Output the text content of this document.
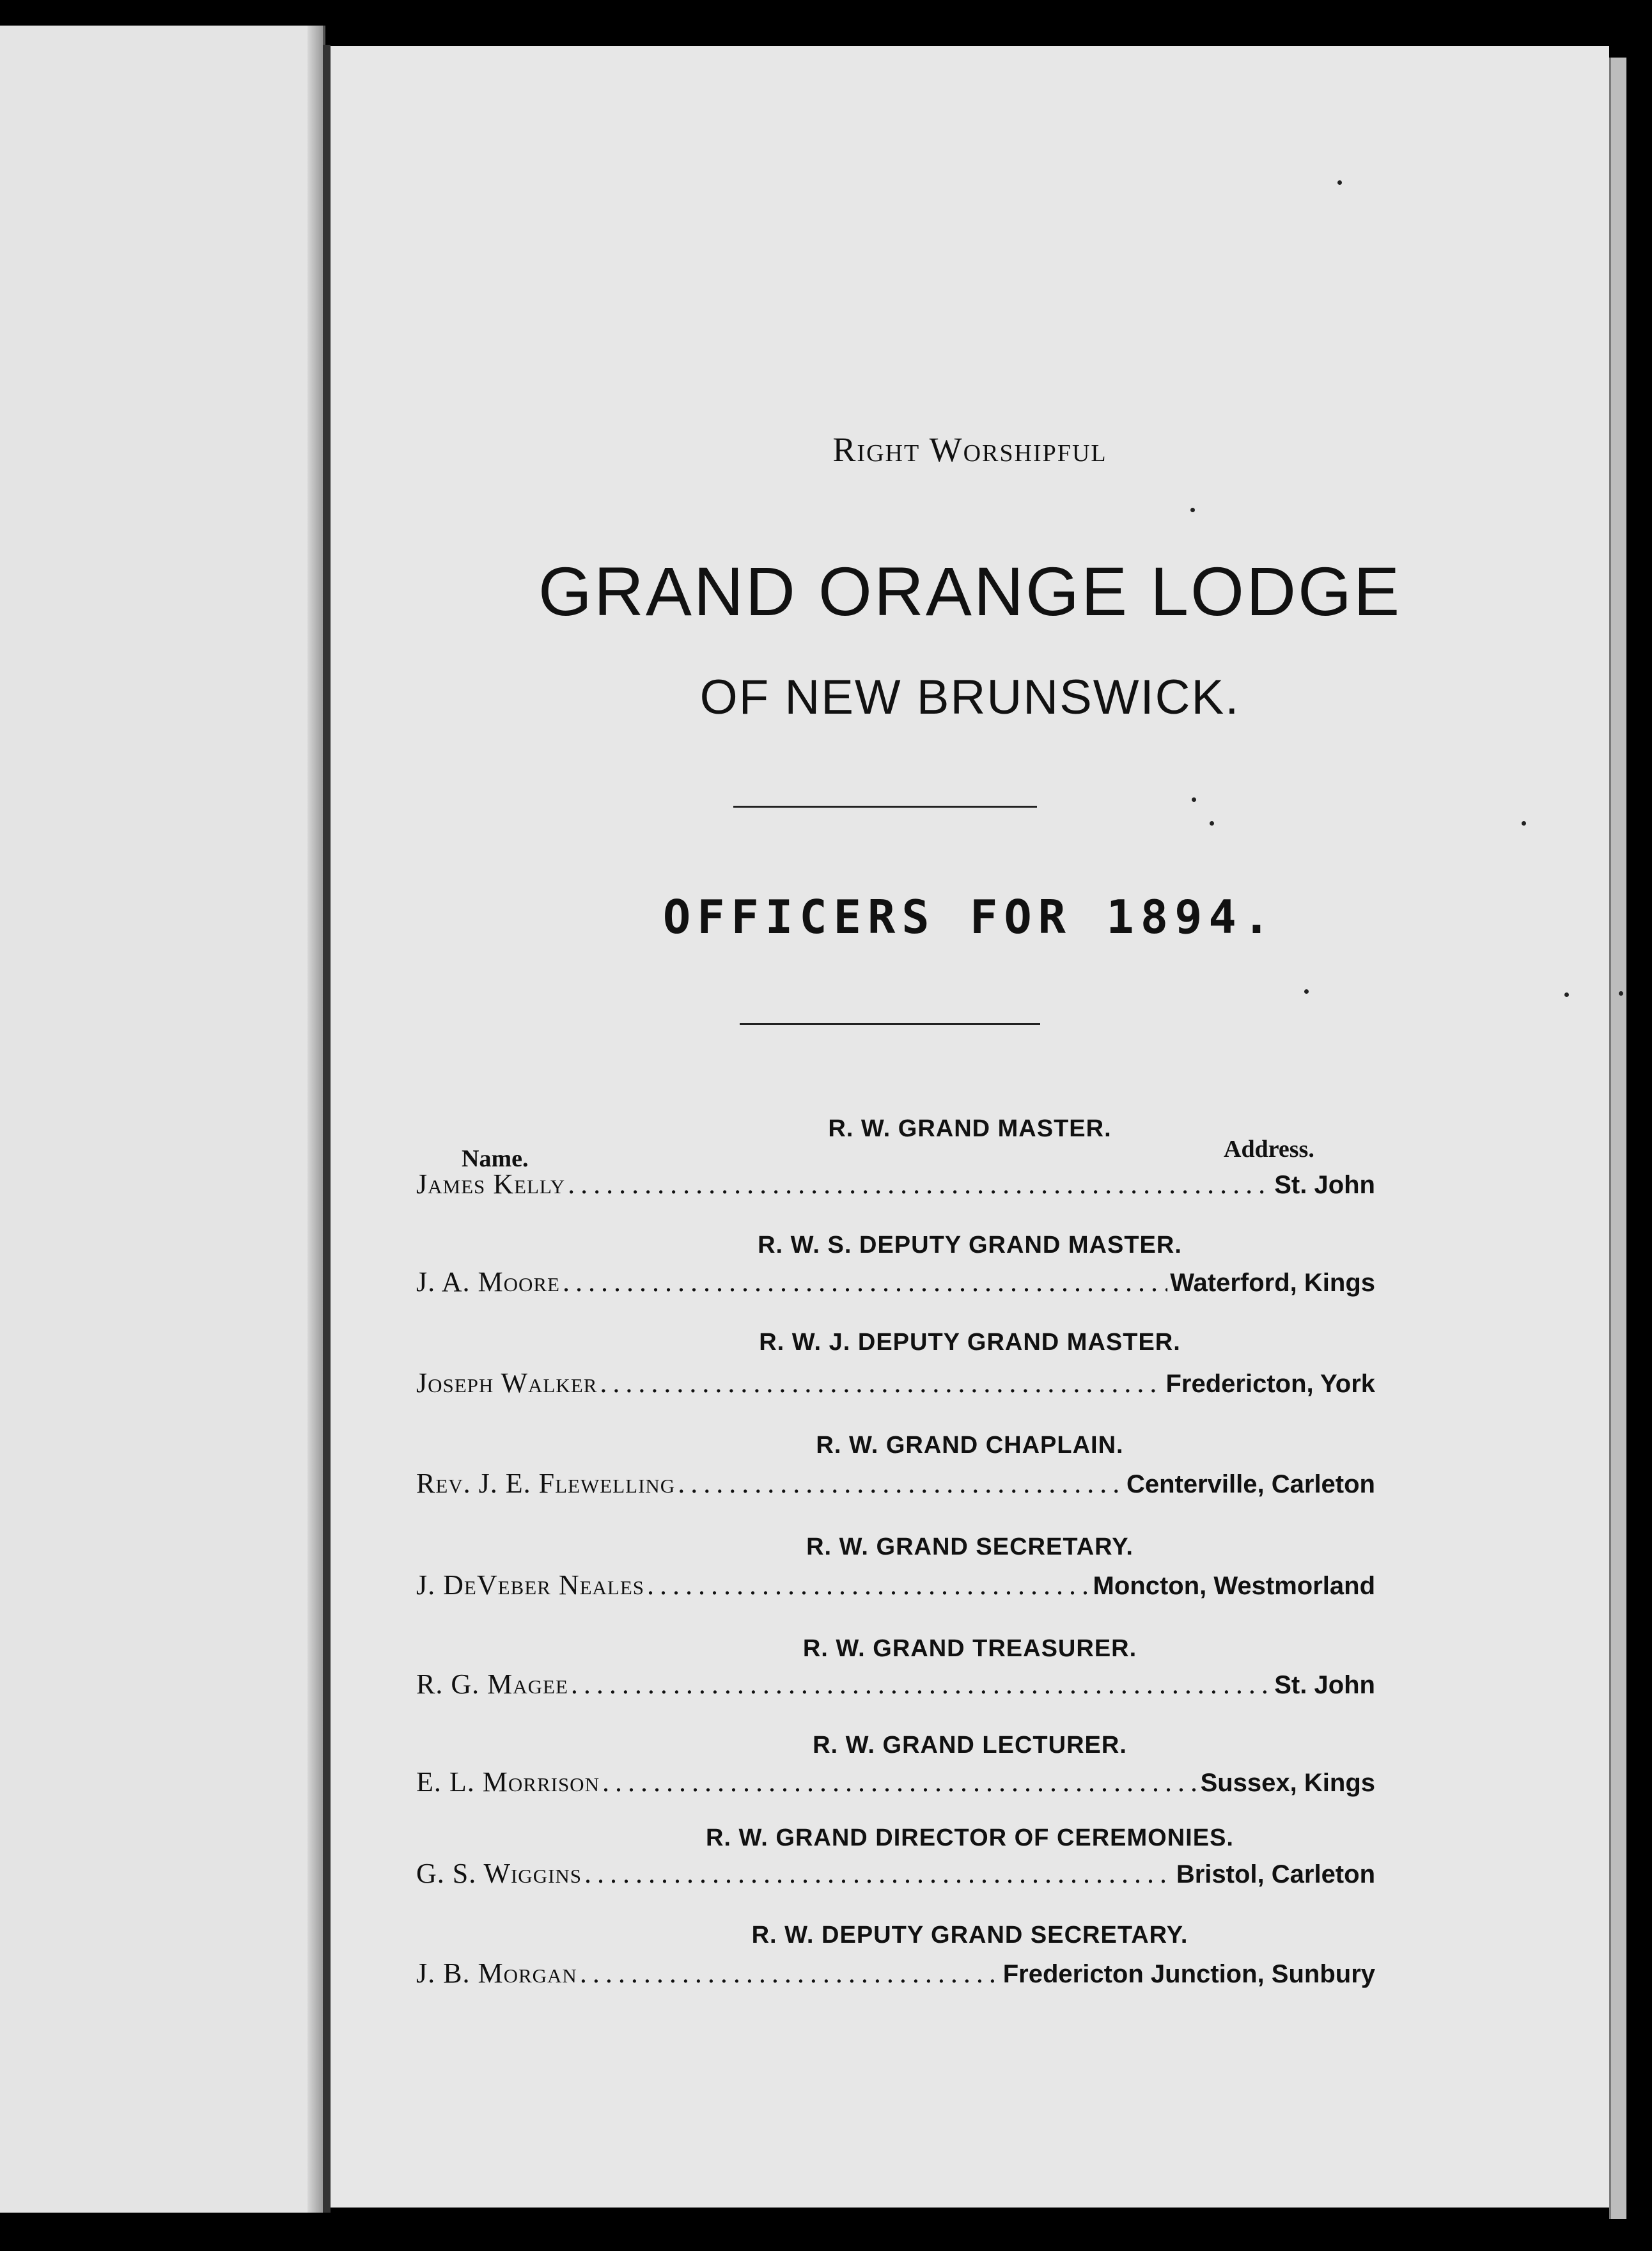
Right Worshipful
GRAND ORANGE LODGE
OF NEW BRUNSWICK.
OFFICERS FOR 1894.
R. W. GRAND MASTER.
Name.	Address.
James Kelly .....	St. John
R. W. S. DEPUTY GRAND MASTER.
J. A. Moore .....	Waterford, Kings
R. W. J. DEPUTY GRAND MASTER.
Joseph Walker .....	Fredericton, York
R. W. GRAND CHAPLAIN.
Rev. J. E. Flewelling .....	Centerville, Carleton
R. W. GRAND SECRETARY.
J. DeVeber Neales .....	Moncton, Westmorland
R. W. GRAND TREASURER.
R. G. Magee .....	St. John
R. W. GRAND LECTURER.
E. L. Morrison .....	Sussex, Kings
R. W. GRAND DIRECTOR OF CEREMONIES.
G. S. Wiggins .....	Bristol, Carleton
R. W. DEPUTY GRAND SECRETARY.
J. B. Morgan .....	Fredericton Junction, Sunbury
